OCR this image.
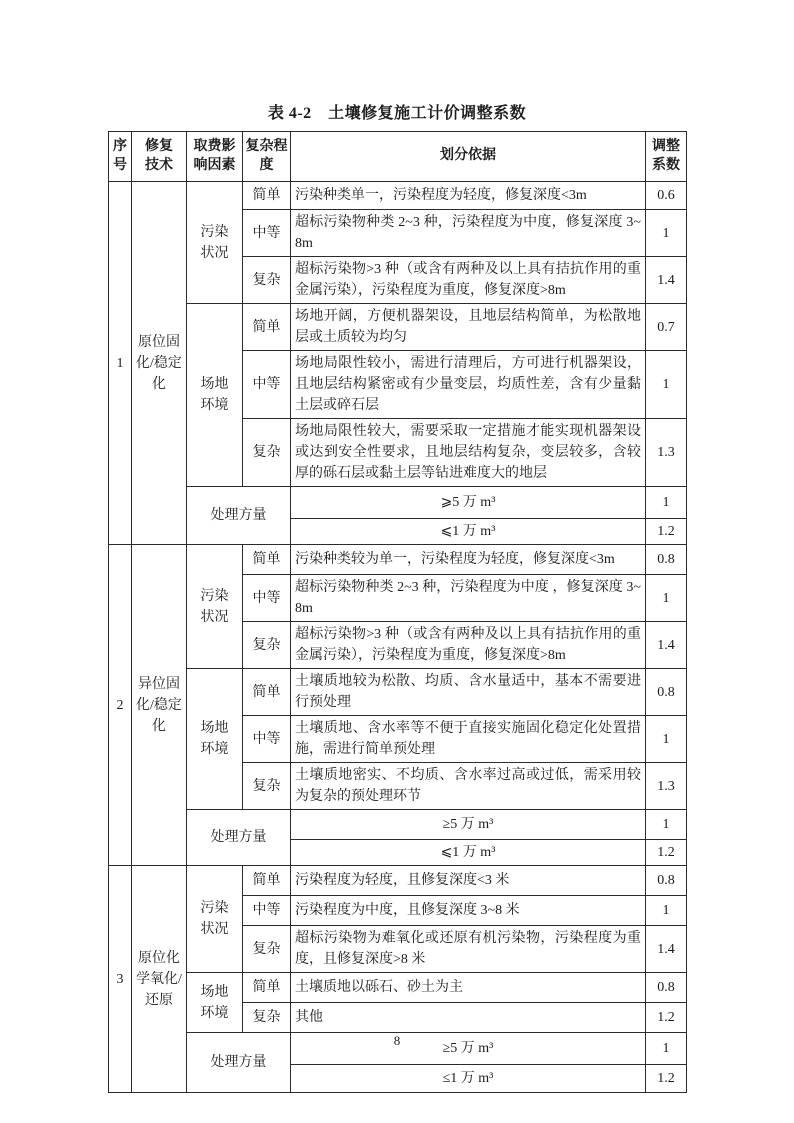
表 4-2　土壤修复施工计价调整系数
序号	修复技术	取费影响因素	复杂程度	划分依据	调整系数
1	原位固化/稳定化	污染状况	简单	污染种类单一，污染程度为轻度，修复深度<3m	0.6
			中等	超标污染物种类 2~3 种，污染程度为中度，修复深度 3~8m	1
			复杂	超标污染物>3 种（或含有两种及以上具有拮抗作用的重金属污染），污染程度为重度，修复深度>8m	1.4
		场地环境	简单	场地开阔，方便机器架设，且地层结构简单，为松散地层或土质较为均匀	0.7
			中等	场地局限性较小，需进行清理后，方可进行机器架设，且地层结构紧密或有少量变层，均质性差，含有少量黏土层或碎石层	1
			复杂	场地局限性较大，需要采取一定措施才能实现机器架设或达到安全性要求，且地层结构复杂，变层较多，含较厚的砾石层或黏土层等钻进难度大的地层	1.3
		处理方量		⩾5 万 m³	1
				⩽1 万 m³	1.2
2	异位固化/稳定化	污染状况	简单	污染种类较为单一，污染程度为轻度，修复深度<3m	0.8
			中等	超标污染物种类 2~3 种，污染程度为中度 ，修复深度 3~8m	1
			复杂	超标污染物>3 种（或含有两种及以上具有拮抗作用的重金属污染），污染程度为重度，修复深度>8m	1.4
		场地环境	简单	土壤质地较为松散、均质、含水量适中，基本不需要进行预处理	0.8
			中等	土壤质地、含水率等不便于直接实施固化稳定化处置措施，需进行简单预处理	1
			复杂	土壤质地密实、不均质、含水率过高或过低，需采用较为复杂的预处理环节	1.3
		处理方量		≥5 万 m³	1
				⩽1 万 m³	1.2
3	原位化学氧化/还原	污染状况	简单	污染程度为轻度，且修复深度<3 米	0.8
			中等	污染程度为中度，且修复深度 3~8 米	1
			复杂	超标污染物为难氧化或还原有机污染物，污染程度为重度，且修复深度>8 米	1.4
		场地环境	简单	土壤质地以砾石、砂土为主	0.8
			复杂	其他	1.2
		处理方量		≥5 万 m³	1
				≤1 万 m³	1.2
8
